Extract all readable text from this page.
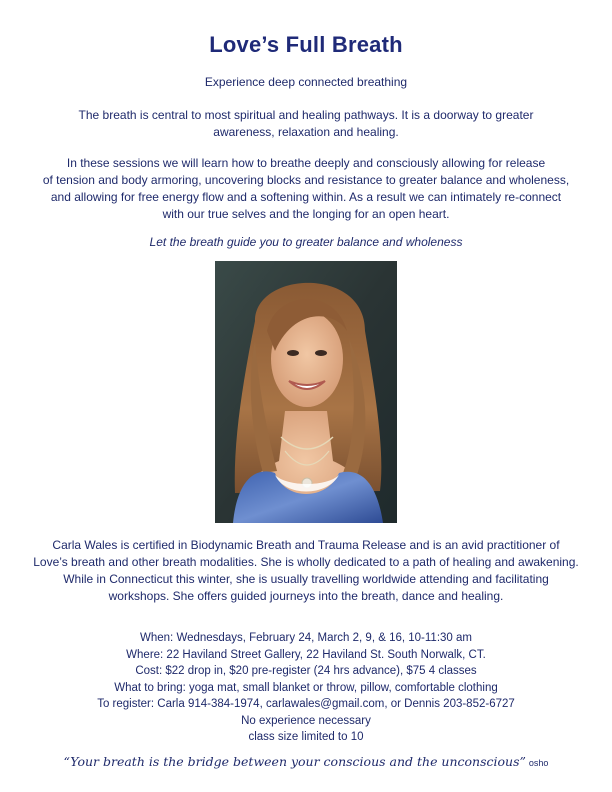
Love’s Full Breath
Experience deep connected breathing
The breath is central to most spiritual and healing pathways. It is a doorway to greater
awareness, relaxation and healing.
In these sessions we will learn how to breathe deeply and consciously allowing for release
of tension and body armoring, uncovering blocks and resistance to greater balance and wholeness,
and allowing for free energy flow and a softening within. As a result we can intimately re-connect
with our true selves and the longing for an open heart.
Let the breath guide you to greater balance and wholeness
Carla Wales is certified in Biodynamic Breath and Trauma Release and is an avid practitioner of
Love’s breath and other breath modalities. She is wholly dedicated to a path of healing and awakening.
While in Connecticut this winter, she is usually travelling worldwide attending and facilitating
workshops. She offers guided journeys into the breath, dance and healing.
When: Wednesdays, February 24, March 2, 9, & 16, 10-11:30 am
Where: 22 Haviland Street Gallery, 22 Haviland St. South Norwalk, CT.
Cost: $22 drop in, $20 pre-register (24 hrs advance), $75 4 classes
What to bring: yoga mat, small blanket or throw, pillow, comfortable clothing
To register: Carla 914-384-1974, carlawales@gmail.com, or Dennis 203-852-6727
No experience necessary
class size limited to 10
“Your breath is the bridge between your conscious and the unconscious” osho
